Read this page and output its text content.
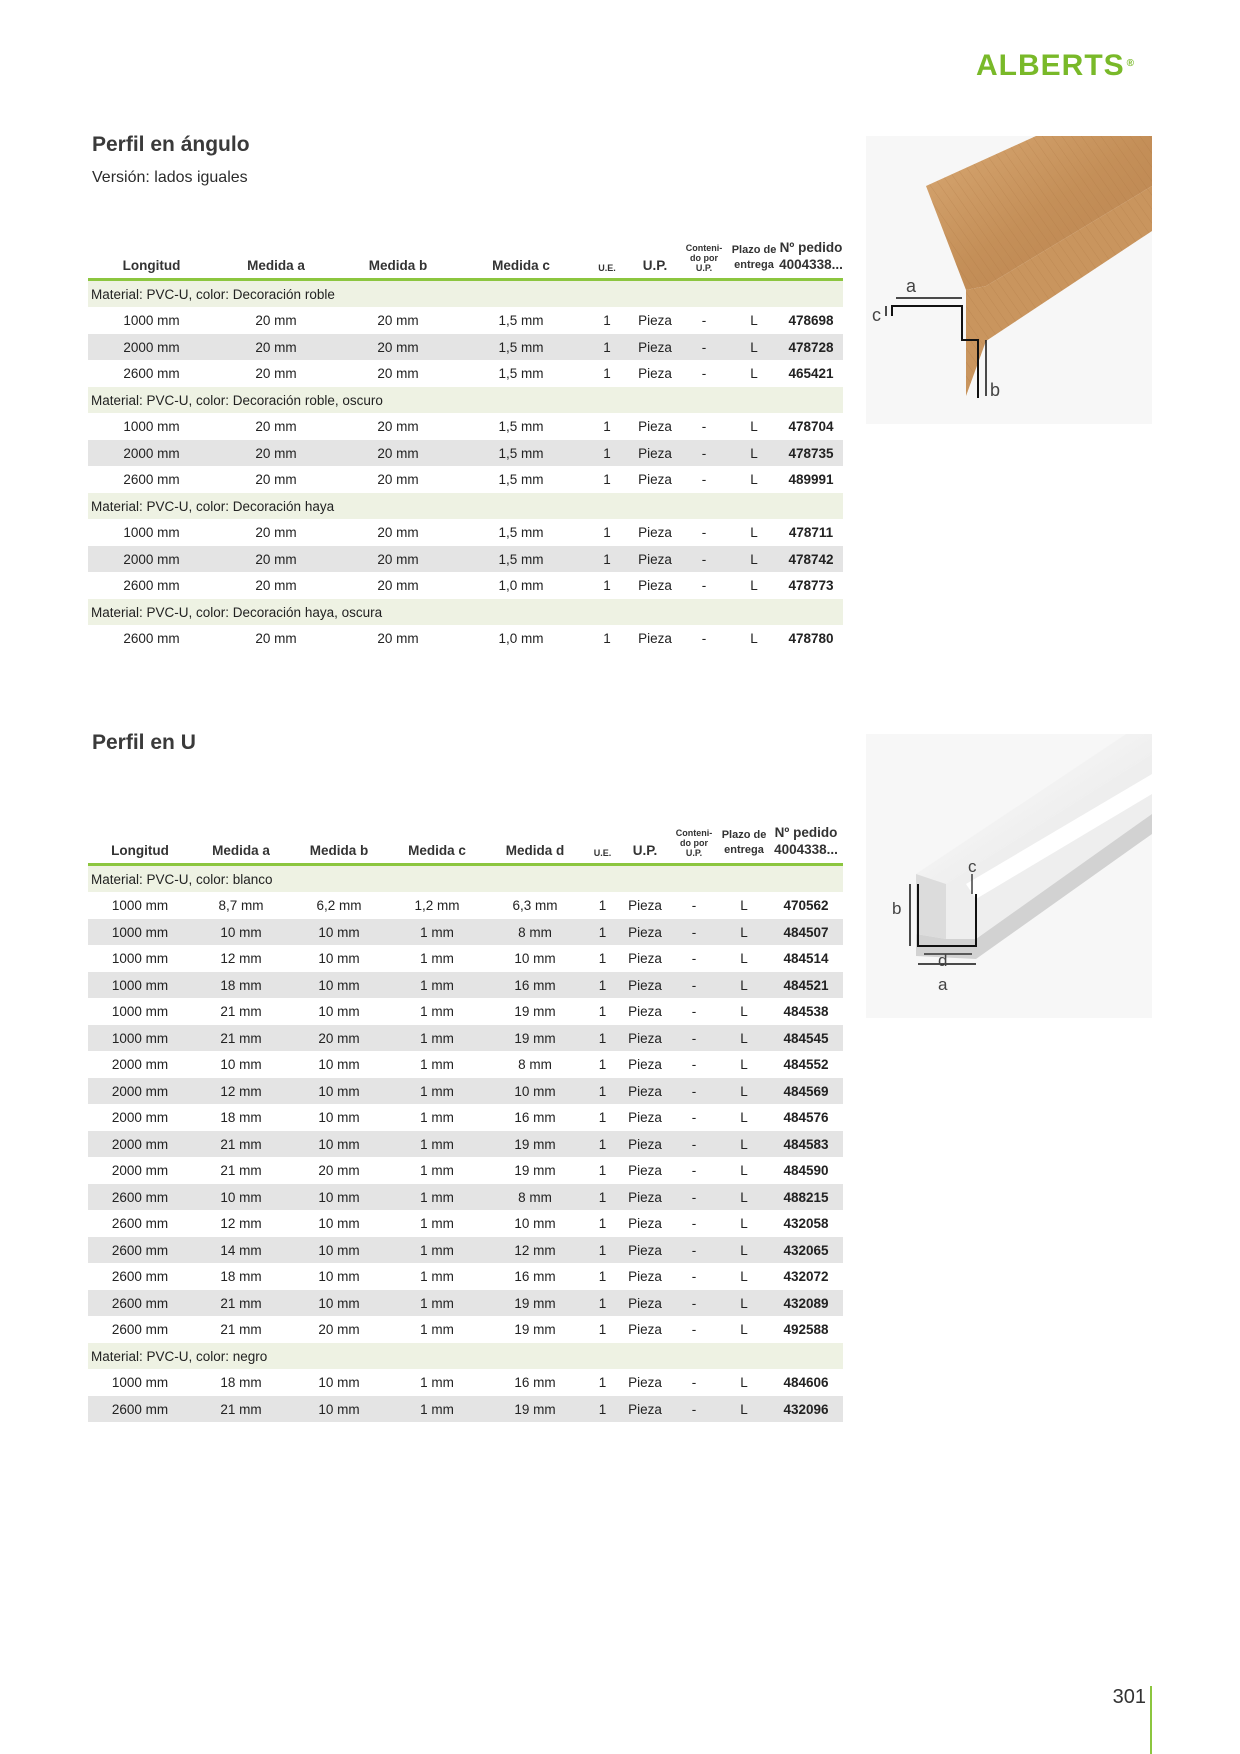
ALBERTS ®
Perfil en ángulo
Versión: lados iguales
a
c
b
Longitud	Medida a	Medida b	Medida c	U.E.	U.P.	Conteni-
do por
U.P.	Plazo de
entrega	Nº pedido
4004338...
Material: PVC-U, color: Decoración roble								
1000 mm	20 mm	20 mm	1,5 mm	1	Pieza	-	L	478698
2000 mm	20 mm	20 mm	1,5 mm	1	Pieza	-	L	478728
2600 mm	20 mm	20 mm	1,5 mm	1	Pieza	-	L	465421
Material: PVC-U, color: Decoración roble, oscuro								
1000 mm	20 mm	20 mm	1,5 mm	1	Pieza	-	L	478704
2000 mm	20 mm	20 mm	1,5 mm	1	Pieza	-	L	478735
2600 mm	20 mm	20 mm	1,5 mm	1	Pieza	-	L	489991
Material: PVC-U, color: Decoración haya								
1000 mm	20 mm	20 mm	1,5 mm	1	Pieza	-	L	478711
2000 mm	20 mm	20 mm	1,5 mm	1	Pieza	-	L	478742
2600 mm	20 mm	20 mm	1,0 mm	1	Pieza	-	L	478773
Material: PVC-U, color: Decoración haya, oscura								
2600 mm	20 mm	20 mm	1,0 mm	1	Pieza	-	L	478780
Perfil en U
b
d
a
c
Longitud	Medida a	Medida b	Medida c	Medida d	U.E.	U.P.	Conteni-
do por
U.P.	Plazo de
entrega	Nº pedido
4004338...
Material: PVC-U, color: blanco									
1000 mm	8,7 mm	6,2 mm	1,2 mm	6,3 mm	1	Pieza	-	L	470562
1000 mm	10 mm	10 mm	1 mm	8 mm	1	Pieza	-	L	484507
1000 mm	12 mm	10 mm	1 mm	10 mm	1	Pieza	-	L	484514
1000 mm	18 mm	10 mm	1 mm	16 mm	1	Pieza	-	L	484521
1000 mm	21 mm	10 mm	1 mm	19 mm	1	Pieza	-	L	484538
1000 mm	21 mm	20 mm	1 mm	19 mm	1	Pieza	-	L	484545
2000 mm	10 mm	10 mm	1 mm	8 mm	1	Pieza	-	L	484552
2000 mm	12 mm	10 mm	1 mm	10 mm	1	Pieza	-	L	484569
2000 mm	18 mm	10 mm	1 mm	16 mm	1	Pieza	-	L	484576
2000 mm	21 mm	10 mm	1 mm	19 mm	1	Pieza	-	L	484583
2000 mm	21 mm	20 mm	1 mm	19 mm	1	Pieza	-	L	484590
2600 mm	10 mm	10 mm	1 mm	8 mm	1	Pieza	-	L	488215
2600 mm	12 mm	10 mm	1 mm	10 mm	1	Pieza	-	L	432058
2600 mm	14 mm	10 mm	1 mm	12 mm	1	Pieza	-	L	432065
2600 mm	18 mm	10 mm	1 mm	16 mm	1	Pieza	-	L	432072
2600 mm	21 mm	10 mm	1 mm	19 mm	1	Pieza	-	L	432089
2600 mm	21 mm	20 mm	1 mm	19 mm	1	Pieza	-	L	492588
Material: PVC-U, color: negro									
1000 mm	18 mm	10 mm	1 mm	16 mm	1	Pieza	-	L	484606
2600 mm	21 mm	10 mm	1 mm	19 mm	1	Pieza	-	L	432096
301
